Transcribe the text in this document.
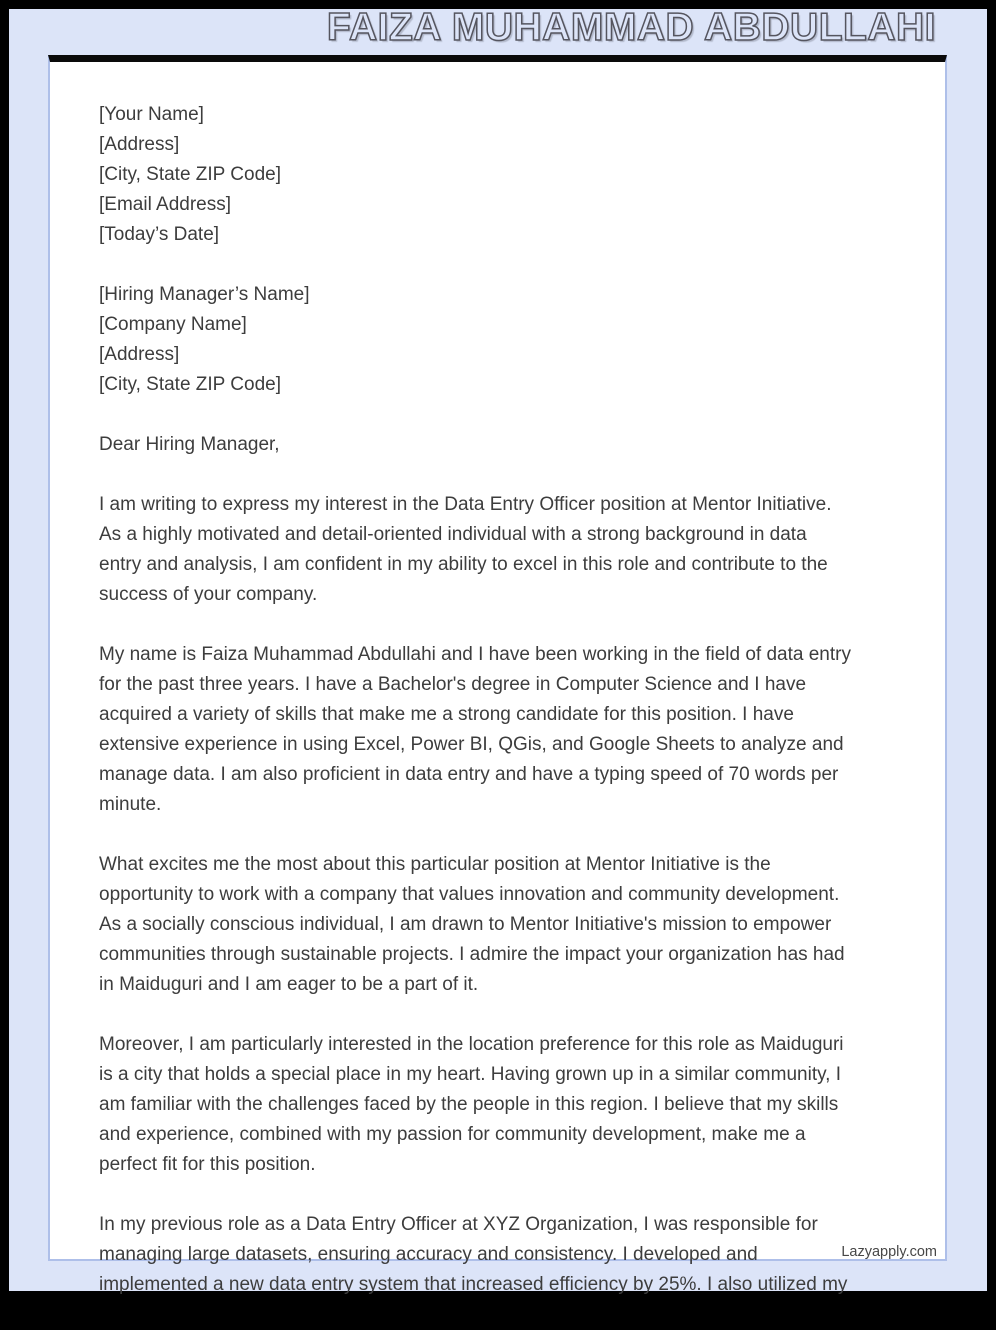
FAIZA MUHAMMAD ABDULLAHI
[Your Name]
[Address]
[City, State ZIP Code]
[Email Address]
[Today’s Date]
[Hiring Manager’s Name]
[Company Name]
[Address]
[City, State ZIP Code]
Dear Hiring Manager,
I am writing to express my interest in the Data Entry Officer position at Mentor Initiative.
As a highly motivated and detail-oriented individual with a strong background in data
entry and analysis, I am confident in my ability to excel in this role and contribute to the
success of your company.
My name is Faiza Muhammad Abdullahi and I have been working in the field of data entry
for the past three years. I have a Bachelor's degree in Computer Science and I have
acquired a variety of skills that make me a strong candidate for this position. I have
extensive experience in using Excel, Power BI, QGis, and Google Sheets to analyze and
manage data. I am also proficient in data entry and have a typing speed of 70 words per
minute.
What excites me the most about this particular position at Mentor Initiative is the
opportunity to work with a company that values innovation and community development.
As a socially conscious individual, I am drawn to Mentor Initiative's mission to empower
communities through sustainable projects. I admire the impact your organization has had
in Maiduguri and I am eager to be a part of it.
Moreover, I am particularly interested in the location preference for this role as Maiduguri
is a city that holds a special place in my heart. Having grown up in a similar community, I
am familiar with the challenges faced by the people in this region. I believe that my skills
and experience, combined with my passion for community development, make me a
perfect fit for this position.
In my previous role as a Data Entry Officer at XYZ Organization, I was responsible for
managing large datasets, ensuring accuracy and consistency. I developed and
implemented a new data entry system that increased efficiency by 25%. I also utilized my
Lazyapply.com
